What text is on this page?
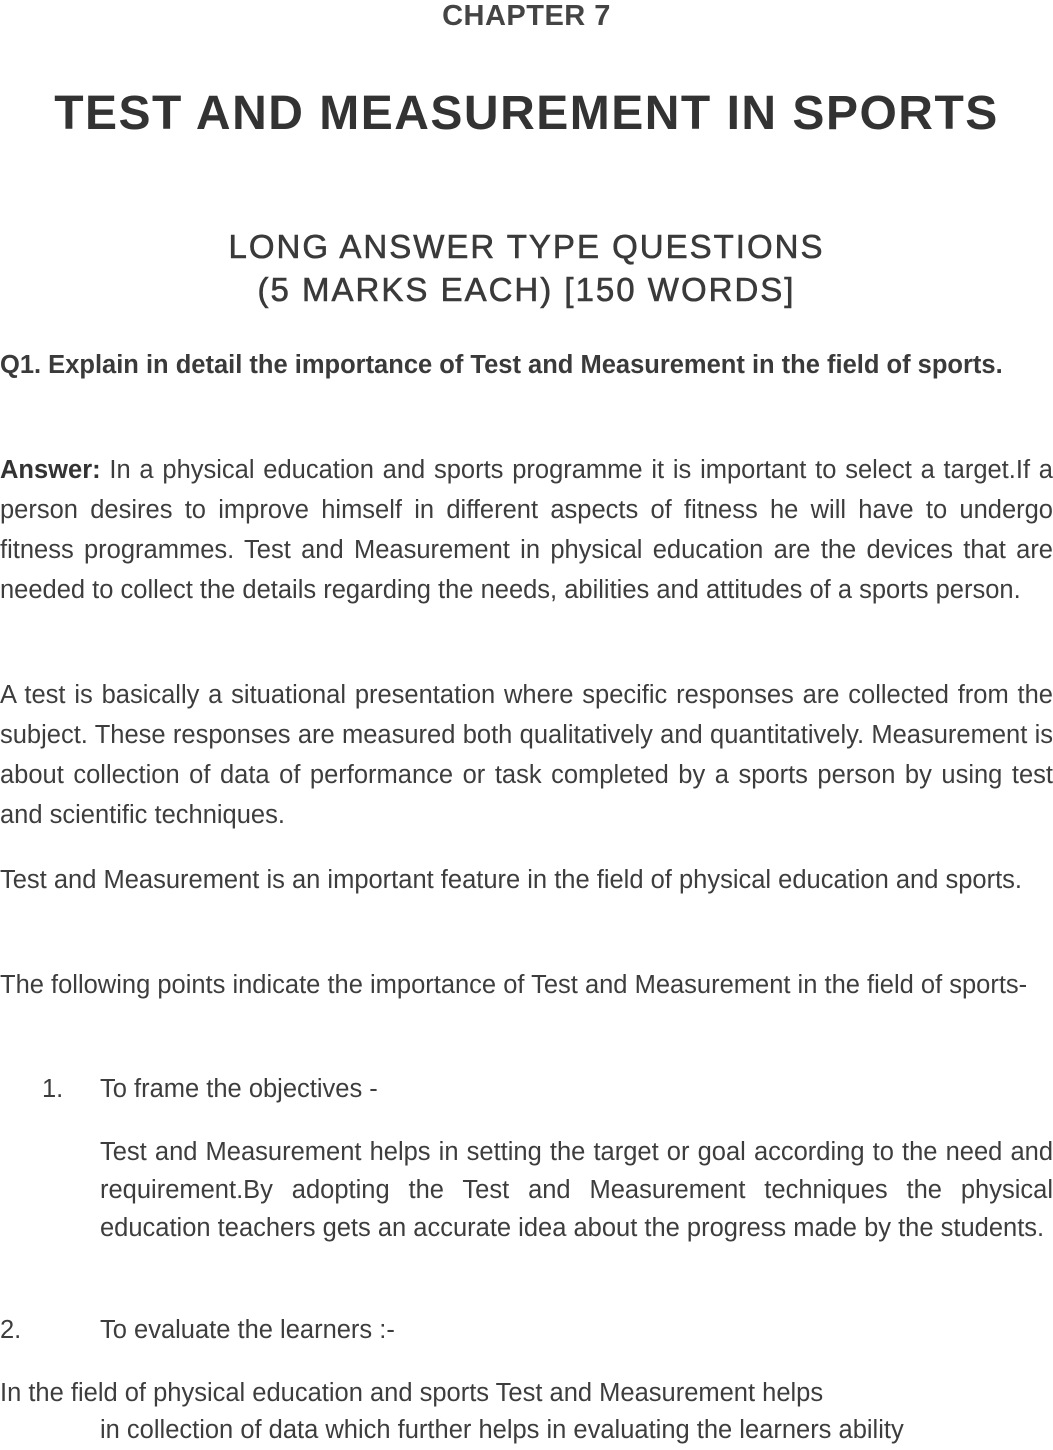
CHAPTER 7
TEST AND MEASUREMENT IN SPORTS
LONG ANSWER TYPE QUESTIONS
(5 MARKS EACH) [150 WORDS]

Q1. Explain in detail the importance of Test and Measurement in the field of sports.

Answer: In a physical education and sports programme it is important to select a target.If a person desires to improve himself in different aspects of fitness he will have to undergo fitness programmes. Test and Measurement in physical education are the devices that are needed to collect the details regarding the needs, abilities and attitudes of a sports person.

A test is basically a situational presentation where specific responses are collected from the subject. These responses are measured both qualitatively and quantitatively. Measurement is about collection of data of performance or task completed by a sports person by using test and scientific techniques.

Test and Measurement is an important feature in the field of physical education and sports.

The following points indicate the importance of Test and Measurement in the field of sports-

1. To frame the objectives -

Test and Measurement helps in setting the target or goal according to the need and requirement.By adopting the Test and Measurement techniques the physical education teachers gets an accurate idea about the progress made by the students.

2.	To evaluate the learners :-
In the field of physical education and sports Test and Measurement helps
in collection of data which further helps in evaluating the learners ability
